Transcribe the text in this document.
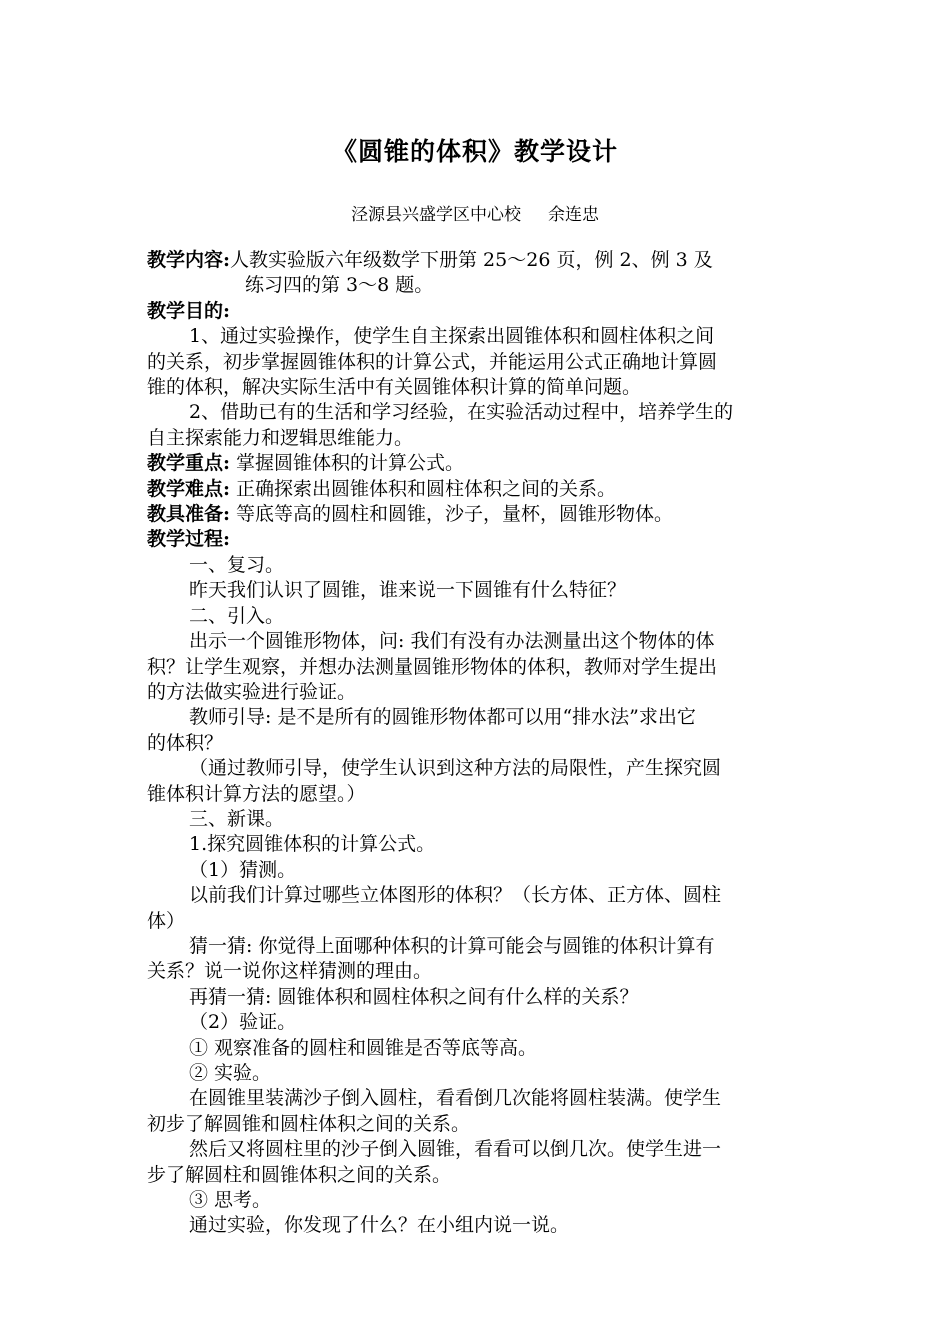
《圆锥的体积》教学设计
泾源县兴盛学区中心校     余连忠

教学内容:人教实验版六年级数学下册第 25～26 页，例 2、例 3 及

练习四的第 3～8 题。

教学目的:

1、通过实验操作，使学生自主探索出圆锥体积和圆柱体积之间

的关系，初步掌握圆锥体积的计算公式，并能运用公式正确地计算圆

锥的体积，解决实际生活中有关圆锥体积计算的简单问题。

2、借助已有的生活和学习经验，在实验活动过程中，培养学生的

自主探索能力和逻辑思维能力。

教学重点: 掌握圆锥体积的计算公式。

教学难点: 正确探索出圆锥体积和圆柱体积之间的关系。

教具准备: 等底等高的圆柱和圆锥，沙子，量杯，圆锥形物体。

教学过程:

一、复习。

昨天我们认识了圆锥，谁来说一下圆锥有什么特征？

二、引入。

出示一个圆锥形物体，问: 我们有没有办法测量出这个物体的体

积？让学生观察，并想办法测量圆锥形物体的体积，教师对学生提出

的方法做实验进行验证。

教师引导: 是不是所有的圆锥形物体都可以用“排水法”求出它

的体积？

（通过教师引导，使学生认识到这种方法的局限性，产生探究圆

锥体积计算方法的愿望。）

三、新课。

1.探究圆锥体积的计算公式。

（1）猜测。

以前我们计算过哪些立体图形的体积？（长方体、正方体、圆柱

体）

猜一猜: 你觉得上面哪种体积的计算可能会与圆锥的体积计算有

关系？说一说你这样猜测的理由。

再猜一猜: 圆锥体积和圆柱体积之间有什么样的关系？

（2）验证。

① 观察准备的圆柱和圆锥是否等底等高。

② 实验。

在圆锥里装满沙子倒入圆柱，看看倒几次能将圆柱装满。使学生

初步了解圆锥和圆柱体积之间的关系。

然后又将圆柱里的沙子倒入圆锥，看看可以倒几次。使学生进一

步了解圆柱和圆锥体积之间的关系。

③ 思考。

通过实验，你发现了什么？在小组内说一说。
